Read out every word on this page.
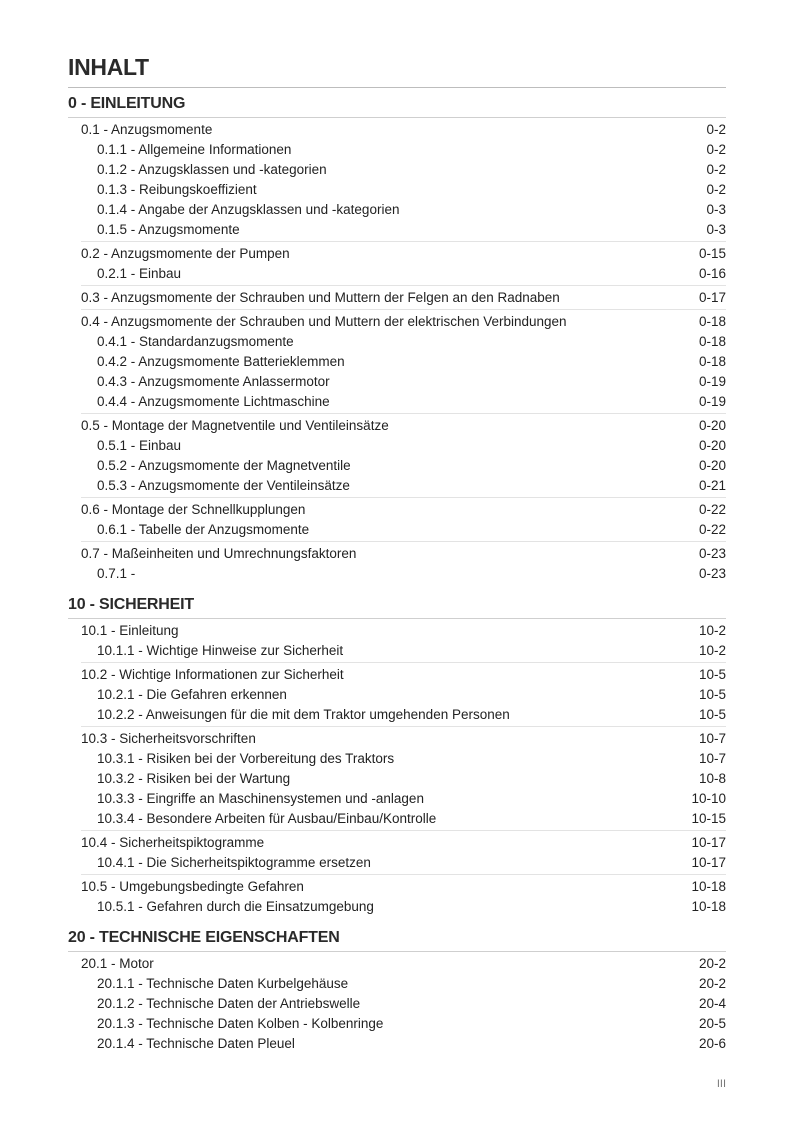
INHALT
0 - EINLEITUNG
0.1 - Anzugsmomente	0-2
0.1.1 - Allgemeine Informationen	0-2
0.1.2 - Anzugsklassen und -kategorien	0-2
0.1.3 - Reibungskoeffizient	0-2
0.1.4 - Angabe der Anzugsklassen und -kategorien	0-3
0.1.5 - Anzugsmomente	0-3
0.2 - Anzugsmomente der Pumpen	0-15
0.2.1 - Einbau	0-16
0.3 - Anzugsmomente der Schrauben und Muttern der Felgen an den Radnaben	0-17
0.4 - Anzugsmomente der Schrauben und Muttern der elektrischen Verbindungen	0-18
0.4.1 - Standardanzugsmomente	0-18
0.4.2 - Anzugsmomente Batterieklemmen	0-18
0.4.3 - Anzugsmomente Anlassermotor	0-19
0.4.4 - Anzugsmomente Lichtmaschine	0-19
0.5 - Montage der Magnetventile und Ventileinsätze	0-20
0.5.1 - Einbau	0-20
0.5.2 - Anzugsmomente der Magnetventile	0-20
0.5.3 - Anzugsmomente der Ventileinsätze	0-21
0.6 - Montage der Schnellkupplungen	0-22
0.6.1 - Tabelle der Anzugsmomente	0-22
0.7 - Maßeinheiten und Umrechnungsfaktoren	0-23
0.7.1 -	0-23
10 - SICHERHEIT
10.1 - Einleitung	10-2
10.1.1 - Wichtige Hinweise zur Sicherheit	10-2
10.2 - Wichtige Informationen zur Sicherheit	10-5
10.2.1 - Die Gefahren erkennen	10-5
10.2.2 - Anweisungen für die mit dem Traktor umgehenden Personen	10-5
10.3 - Sicherheitsvorschriften	10-7
10.3.1 - Risiken bei der Vorbereitung des Traktors	10-7
10.3.2 - Risiken bei der Wartung	10-8
10.3.3 - Eingriffe an Maschinensystemen und -anlagen	10-10
10.3.4 - Besondere Arbeiten für Ausbau/Einbau/Kontrolle	10-15
10.4 - Sicherheitspiktogramme	10-17
10.4.1 - Die Sicherheitspiktogramme ersetzen	10-17
10.5 - Umgebungsbedingte Gefahren	10-18
10.5.1 - Gefahren durch die Einsatzumgebung	10-18
20 - TECHNISCHE EIGENSCHAFTEN
20.1 - Motor	20-2
20.1.1 - Technische Daten Kurbelgehäuse	20-2
20.1.2 - Technische Daten der Antriebswelle	20-4
20.1.3 - Technische Daten Kolben - Kolbenringe	20-5
20.1.4 - Technische Daten Pleuel	20-6
III
